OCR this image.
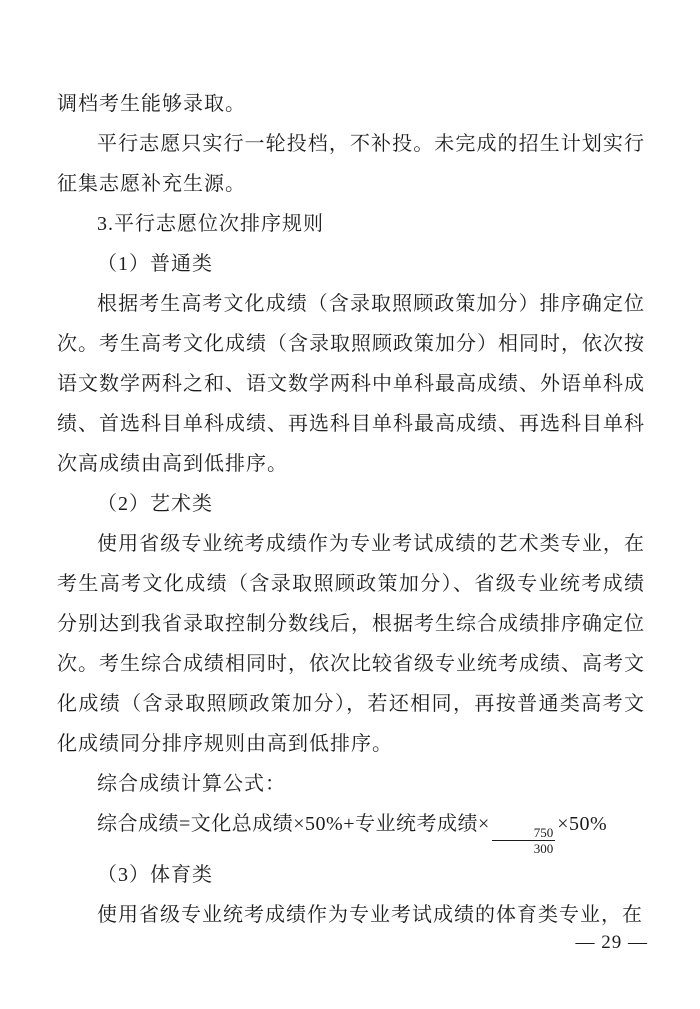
调档考生能够录取。

平行志愿只实行一轮投档，不补投。未完成的招生计划实行征集志愿补充生源。

3.平行志愿位次排序规则

（1）普通类

根据考生高考文化成绩（含录取照顾政策加分）排序确定位次。考生高考文化成绩（含录取照顾政策加分）相同时，依次按语文数学两科之和、语文数学两科中单科最高成绩、外语单科成绩、首选科目单科成绩、再选科目单科最高成绩、再选科目单科次高成绩由高到低排序。

（2）艺术类

使用省级专业统考成绩作为专业考试成绩的艺术类专业，在考生高考文化成绩（含录取照顾政策加分）、省级专业统考成绩分别达到我省录取控制分数线后，根据考生综合成绩排序确定位次。考生综合成绩相同时，依次比较省级专业统考成绩、高考文化成绩（含录取照顾政策加分），若还相同，再按普通类高考文化成绩同分排序规则由高到低排序。

综合成绩计算公式：

综合成绩=文化总成绩×50%+专业统考成绩×
$\frac{750}{300}$
×50%

（3）体育类

使用省级专业统考成绩作为专业考试成绩的体育类专业，在

— 29 —
